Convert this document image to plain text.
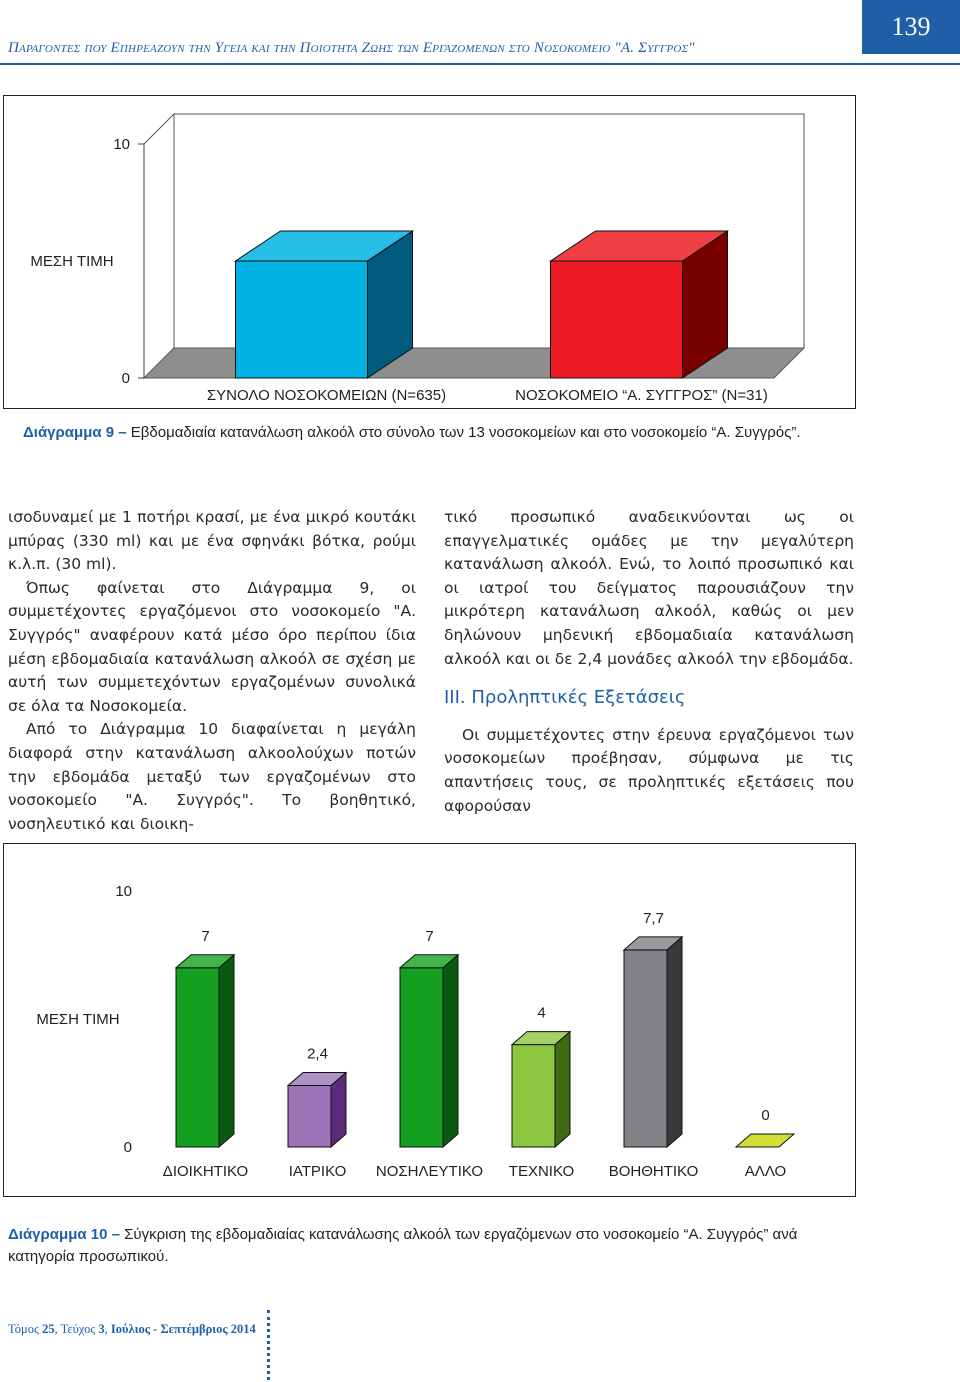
Παραγοντες που Επηρεαζουν την Υγεια και την Ποιοτητα Ζωης των Εργαζομενων στο Νοσοκομειο "Α. Συγγρος"
139
0
10
ΜΕΣΗ ΤΙΜΗ
ΣΥΝΟΛΟ ΝΟΣΟΚΟΜΕΙΩΝ (N=635)	ΝΟΣΟΚΟΜΕΙΟ “Α. ΣΥΓΓΡΟΣ” (N=31)
Διάγραμμα 9 – Εβδομαδιαία κατανάλωση αλκοόλ στο σύνολο των 13 νοσοκομείων και στο νοσοκομείο “Α. Συγγρός”.

ισοδυναμεί με 1 ποτήρι κρασί, με ένα μικρό κουτάκι μπύρας (330 ml) και με ένα σφηνάκι βότκα, ρούμι κ.λ.π. (30 ml).

Όπως φαίνεται στο Διάγραμμα 9, οι συμμετέχοντες εργαζόμενοι στο νοσοκομείο "Α. Συγγρός" αναφέρουν κατά μέσο όρο περίπου ίδια μέση εβδομαδιαία κατανάλωση αλκοόλ σε σχέση με αυτή των συμμετεχόντων εργαζομένων συνολικά σε όλα τα Νοσοκομεία.

Από το Διάγραμμα 10 διαφαίνεται η μεγάλη διαφορά στην κατανάλωση αλκοολούχων ποτών την εβδομάδα μεταξύ των εργαζομένων στο νοσοκομείο "Α. Συγγρός". Το βοηθητικό, νοσηλευτικό και διοικη-

τικό προσωπικό αναδεικνύονται ως οι επαγγελματικές ομάδες με την μεγαλύτερη κατανάλωση αλκοόλ. Ενώ, το λοιπό προσωπικό και οι ιατροί του δείγματος παρουσιάζουν την μικρότερη κατανάλωση αλκοόλ, καθώς οι μεν δηλώνουν μηδενική εβδομαδιαία κατανάλωση αλκοόλ και οι δε 2,4 μονάδες αλκοόλ την εβδομάδα.

ΙΙΙ. Προληπτικές Εξετάσεις

Οι συμμετέχοντες στην έρευνα εργαζόμενοι των νοσοκομείων προέβησαν, σύμφωνα με τις απαντήσεις τους, σε προληπτικές εξετάσεις που αφορούσαν

0
10
ΜΕΣΗ ΤΙΜΗ
7
ΔΙΟΙΚΗΤΙΚΟ
2,4
ΙΑΤΡΙΚΟ
7
ΝΟΣΗΛΕΥΤΙΚΟ
4
ΤΕΧΝΙΚΟ
7,7
ΒΟΗΘΗΤΙΚΟ
0
ΑΛΛΟ
Διάγραμμα 10 – Σύγκριση της εβδομαδιαίας κατανάλωσης αλκοόλ των εργαζόμενων στο νοσοκομείο “Α. Συγγρός” ανά κατηγορία προσωπικού.
Τόμος 25, Τεύχος 3, Ιούλιος - Σεπτέμβριος 2014
